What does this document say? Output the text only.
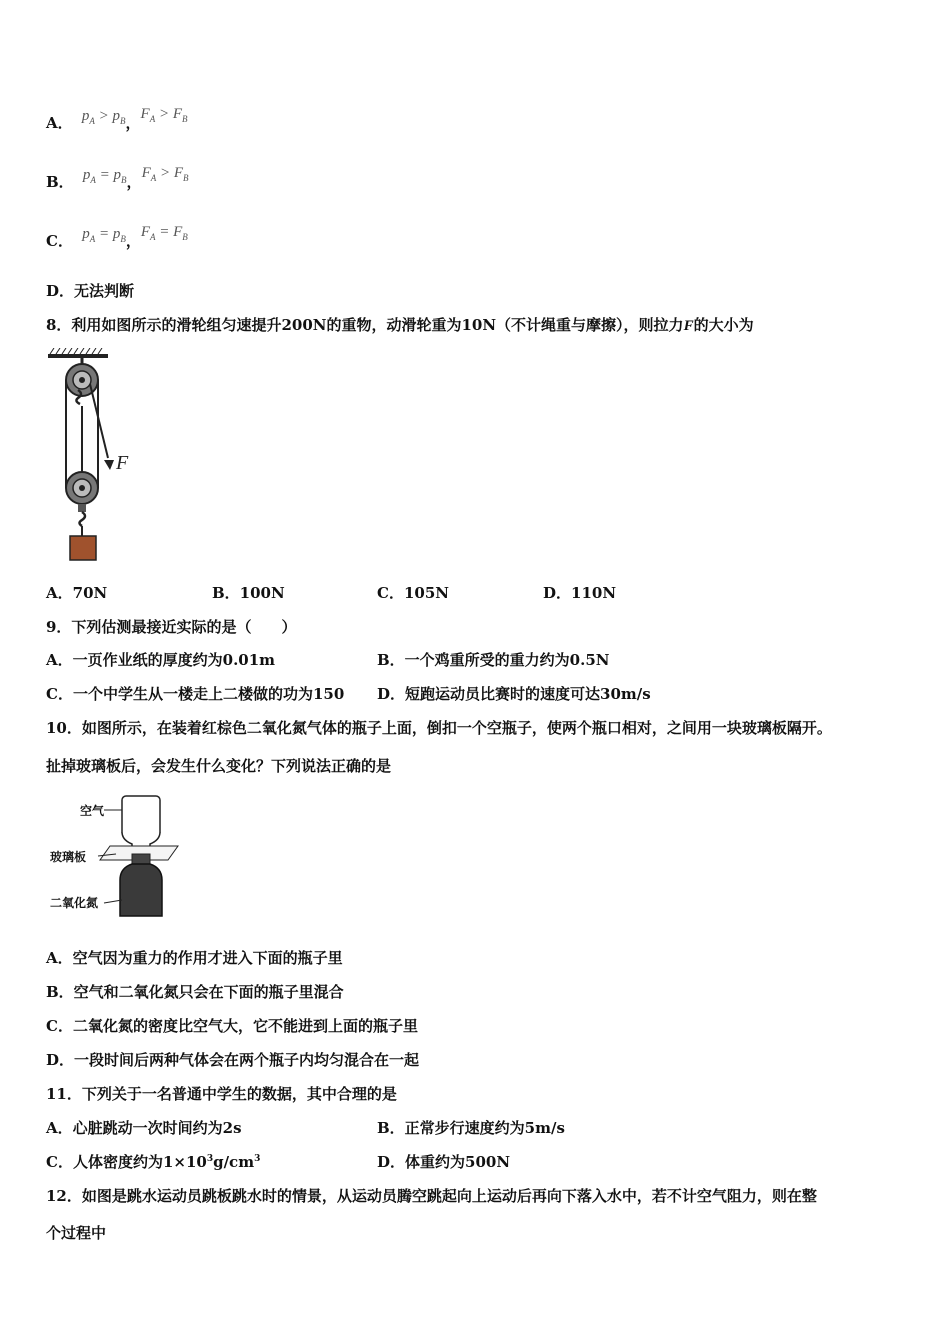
A． $p_A > p_B$，$F_A > F_B$
B． $p_A = p_B$，$F_A > F_B$
C． $p_A = p_B$，$F_A = F_B$
D．无法判断
8．利用如图所示的滑轮组匀速提升200N的重物，动滑轮重为10N（不计绳重与摩擦），则拉力F的大小为
F
A．70N	B．100N	C．105N	D．110N
9．下列估测最接近实际的是（　　）
A．一页作业纸的厚度约为0.01m	B．一个鸡重所受的重力约为0.5N
C．一个中学生从一楼走上二楼做的功为150 D．短跑运动员比赛时的速度可达30m/s
10．如图所示，在装着红棕色二氧化氮气体的瓶子上面，倒扣一个空瓶子，使两个瓶口相对，之间用一块玻璃板隔开。
扯掉玻璃板后，会发生什么变化？下列说法正确的是
空气
玻璃板
二氧化氮
A．空气因为重力的作用才进入下面的瓶子里
B．空气和二氧化氮只会在下面的瓶子里混合
C．二氧化氮的密度比空气大，它不能进到上面的瓶子里
D．一段时间后两种气体会在两个瓶子内均匀混合在一起
11．下列关于一名普通中学生的数据，其中合理的是
A．心脏跳动一次时间约为2s	B．正常步行速度约为5m/s
C．人体密度约为$1\times 10^3g/cm^3$	D．体重约为500N
12．如图是跳水运动员跳板跳水时的情景，从运动员腾空跳起向上运动后再向下落入水中，若不计空气阻力，则在整
个过程中
